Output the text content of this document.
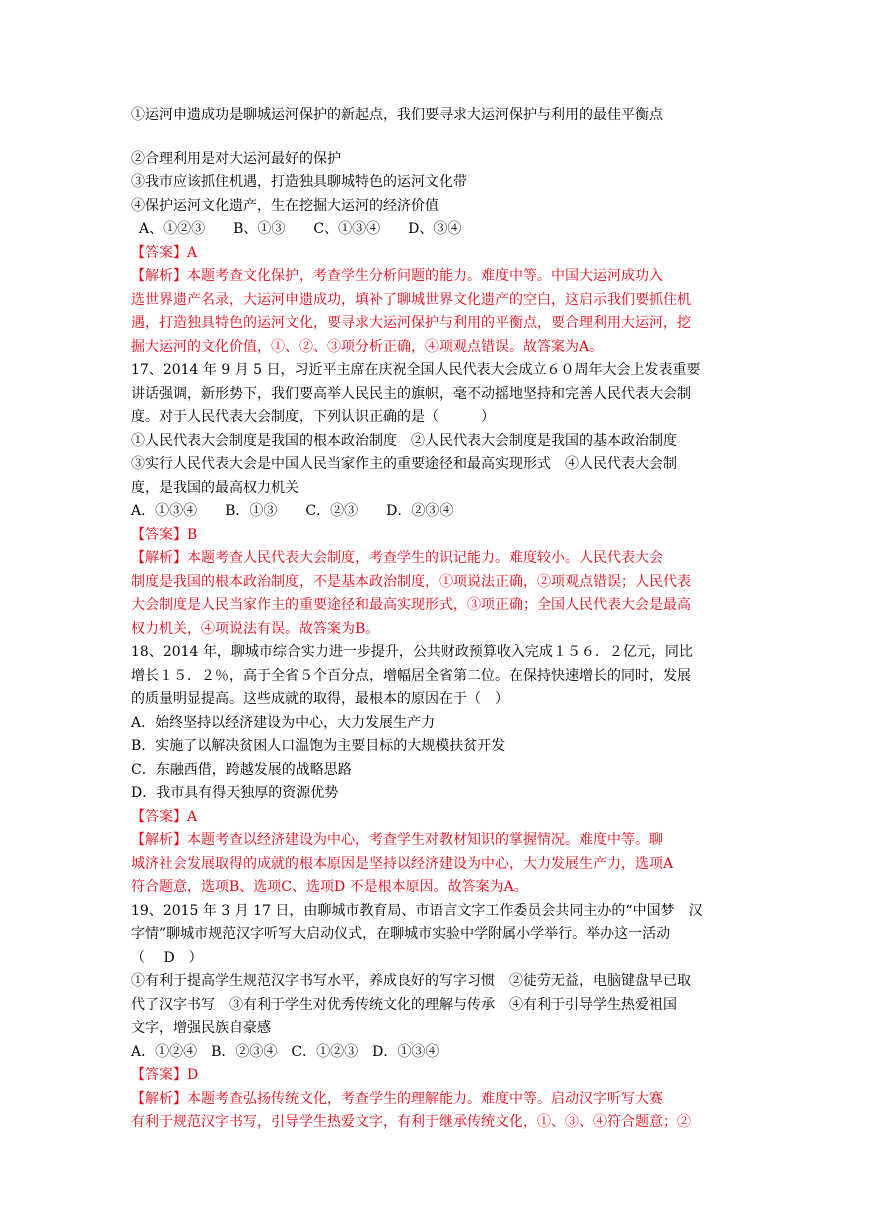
①运河申遗成功是聊城运河保护的新起点，我们要寻求大运河保护与利用的最佳平衡点
②合理利用是对大运河最好的保护
③我市应该抓住机遇，打造独具聊城特色的运河文化带
④保护运河文化遗产，生在挖掘大运河的经济价值
A、①②③　　B、①③　　C、①③④　　D、③④
【答案】A
【解析】本题考查文化保护，考查学生分析问题的能力。难度中等。中国大运河成功入
选世界遗产名录，大运河申遗成功，填补了聊城世界文化遗产的空白，这启示我们要抓住机
遇，打造独具特色的运河文化，要寻求大运河保护与利用的平衡点，要合理利用大运河，挖
掘大运河的文化价值，①、②、③项分析正确，④项观点错误。故答案为A。
17、2014 年 9 月 5 日，习近平主席在庆祝全国人民代表大会成立６０周年大会上发表重要
讲话强调，新形势下，我们要高举人民民主的旗帜，毫不动摇地坚持和完善人民代表大会制
度。对于人民代表大会制度，下列认识正确的是（　　　）
①人民代表大会制度是我国的根本政治制度　②人民代表大会制度是我国的基本政治制度
③实行人民代表大会是中国人民当家作主的重要途径和最高实现形式　④人民代表大会制
度，是我国的最高权力机关
A．①③④　　B．①③　　C．②③　　D．②③④
【答案】B
【解析】本题考查人民代表大会制度，考查学生的识记能力。难度较小。人民代表大会
制度是我国的根本政治制度，不是基本政治制度，①项说法正确，②项观点错误；人民代表
大会制度是人民当家作主的重要途径和最高实现形式，③项正确；全国人民代表大会是最高
权力机关，④项说法有误。故答案为B。
18、2014 年，聊城市综合实力进一步提升，公共财政预算收入完成１５６．２亿元，同比
增长１５．２％，高于全省５个百分点，增幅居全省第二位。在保持快速增长的同时，发展
的质量明显提高。这些成就的取得，最根本的原因在于（　）
A．始终坚持以经济建设为中心，大力发展生产力
B．实施了以解决贫困人口温饱为主要目标的大规模扶贫开发
C．东融西借，跨越发展的战略思路
D．我市具有得天独厚的资源优势
【答案】A
【解析】本题考查以经济建设为中心，考查学生对教材知识的掌握情况。难度中等。聊
城济社会发展取得的成就的根本原因是坚持以经济建设为中心，大力发展生产力，选项A
符合题意，选项B、选项C、选项D 不是根本原因。故答案为A。
19、2015 年 3 月 17 日，由聊城市教育局、市语言文字工作委员会共同主办的“中国梦　汉
字情”聊城市规范汉字听写大启动仪式，在聊城市实验中学附属小学举行。举办这一活动
（　 D　）
①有利于提高学生规范汉字书写水平，养成良好的写字习惯　②徒劳无益，电脑键盘早已取
代了汉字书写　③有利于学生对优秀传统文化的理解与传承　④有利于引导学生热爱祖国
文字，增强民族自豪感
A．①②④　B．②③④　C．①②③　D．①③④
【答案】D
【解析】本题考查弘扬传统文化，考查学生的理解能力。难度中等。启动汉字听写大赛
有利于规范汉字书写，引导学生热爱文字，有利于继承传统文化，①、③、④符合题意；②
